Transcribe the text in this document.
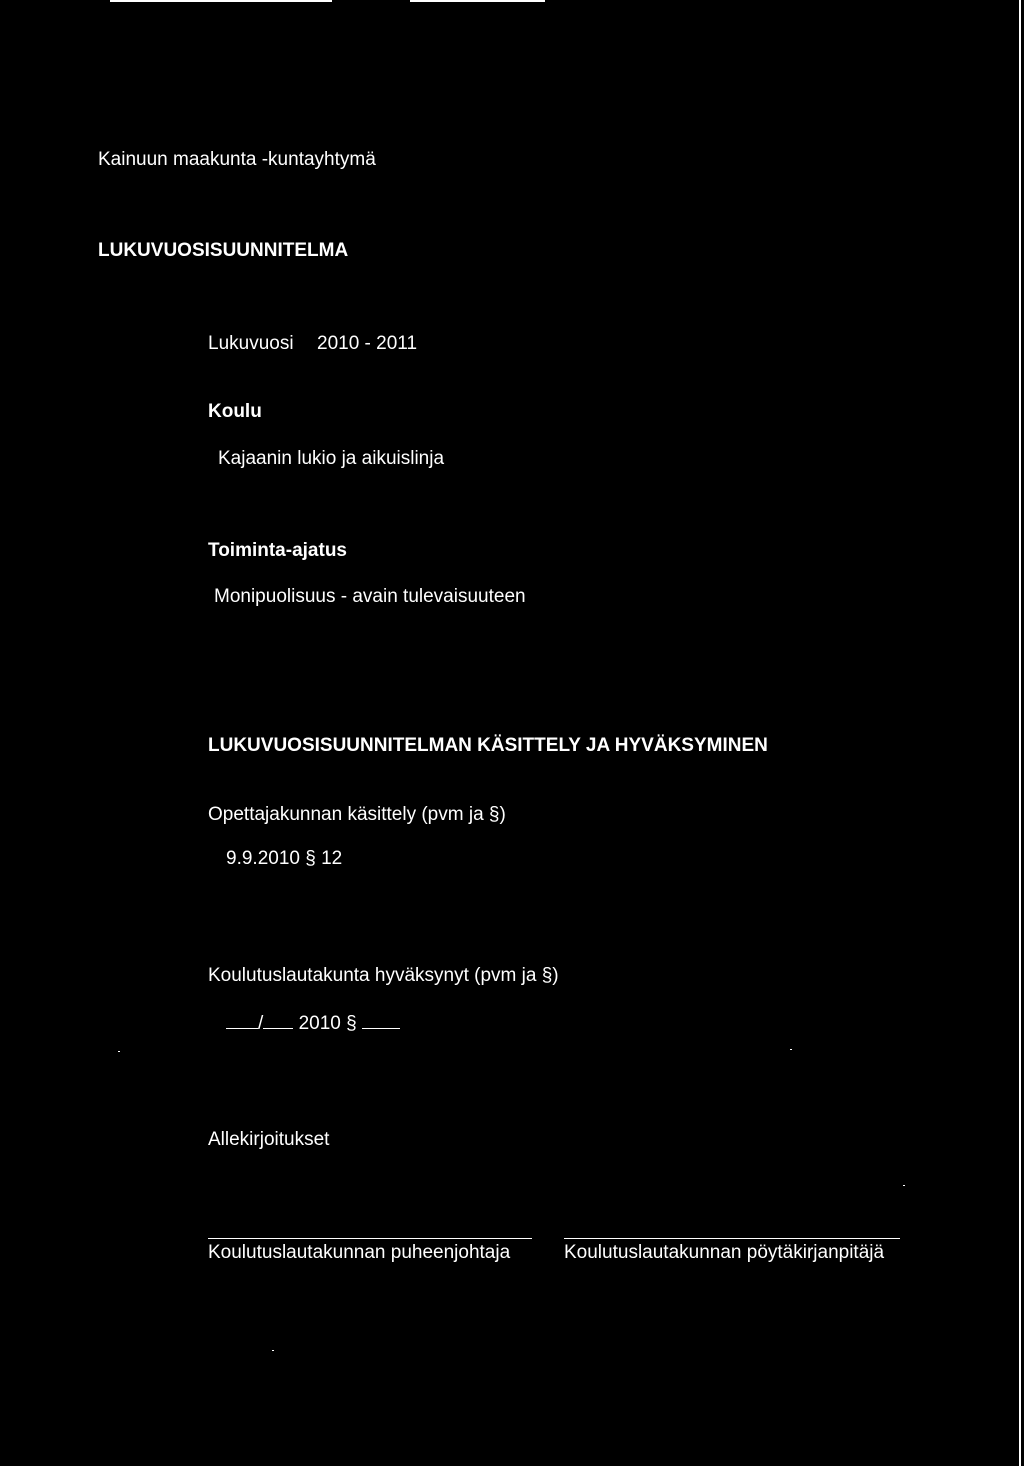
Kainuun maakunta -kuntayhtymä
LUKUVUOSISUUNNITELMA
Lukuvuosi 2010 - 2011
Koulu
Kajaanin lukio ja aikuislinja
Toiminta-ajatus
Monipuolisuus - avain tulevaisuuteen
LUKUVUOSISUUNNITELMAN KÄSITTELY JA HYVÄKSYMINEN
Opettajakunnan käsittely (pvm ja §)
9.9.2010 § 12
Koulutuslautakunta hyväksynyt (pvm ja §)
/ 2010 §
Allekirjoitukset
Koulutuslautakunnan puheenjohtaja	Koulutuslautakunnan pöytäkirjanpitäjä
